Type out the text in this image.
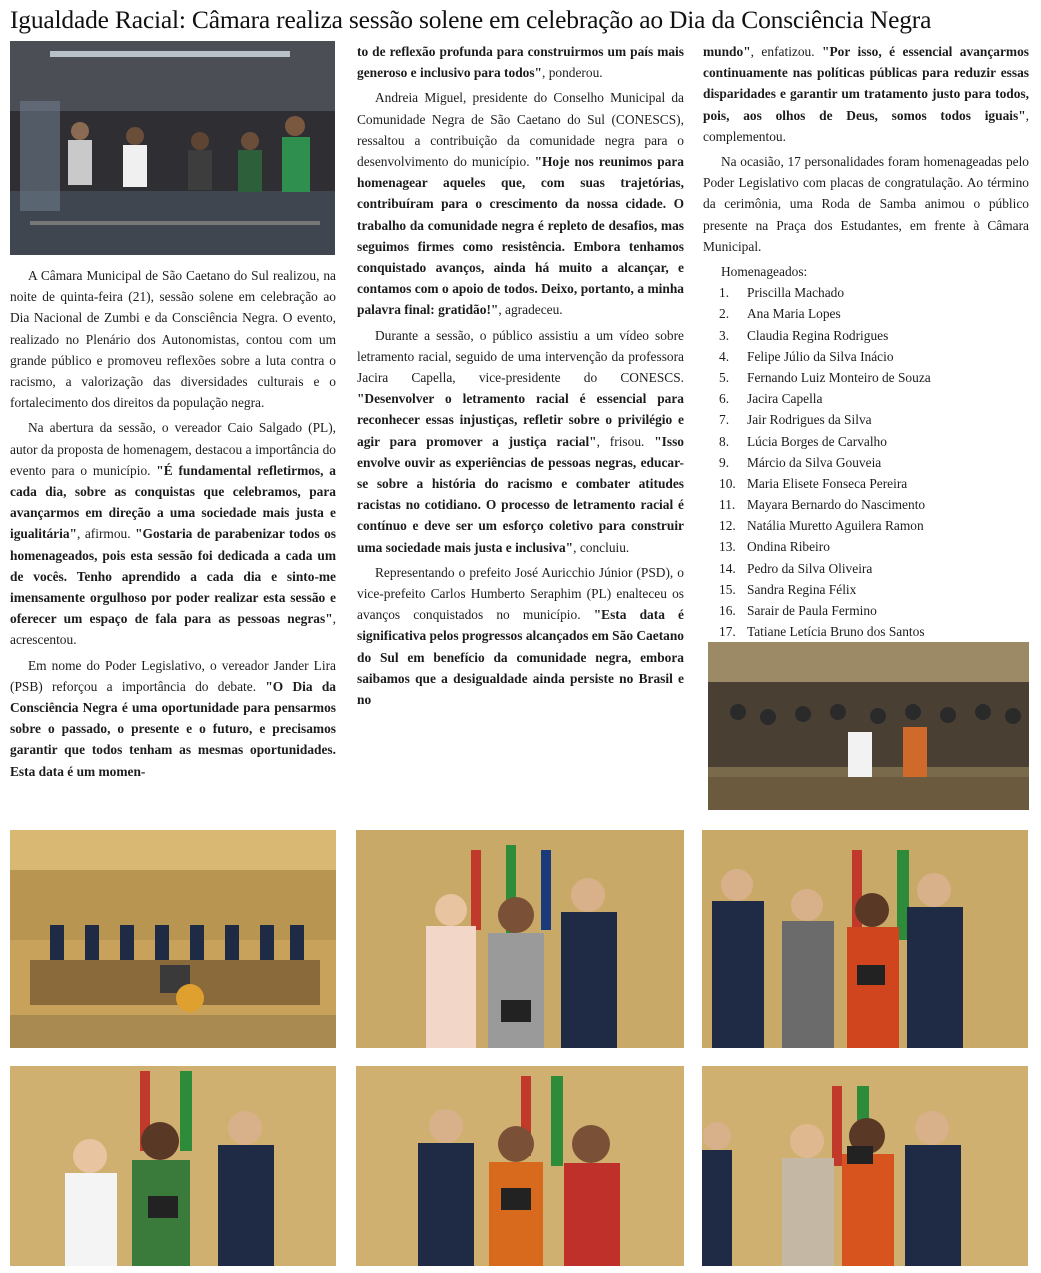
Igualdade Racial: Câmara realiza sessão solene em celebração ao Dia da Consciência Negra

A Câmara Municipal de São Caetano do Sul realizou, na noite de quinta-feira (21), sessão solene em celebração ao Dia Nacional de Zumbi e da Consciência Negra. O evento, realizado no Plenário dos Autonomistas, contou com um grande público e promoveu reflexões sobre a luta contra o racismo, a valorização das diversidades culturais e o fortalecimento dos direitos da população negra.

Na abertura da sessão, o vereador Caio Salgado (PL), autor da proposta de homenagem, destacou a importância do evento para o município. "É fundamental refletirmos, a cada dia, sobre as conquistas que celebramos, para avançarmos em direção a uma sociedade mais justa e igualitária", afirmou. "Gostaria de parabenizar todos os homenageados, pois esta sessão foi dedicada a cada um de vocês. Tenho aprendido a cada dia e sinto-me imensamente orgulhoso por poder realizar esta sessão e oferecer um espaço de fala para as pessoas negras", acrescentou.

Em nome do Poder Legislativo, o vereador Jander Lira (PSB) reforçou a importância do debate. "O Dia da Consciência Negra é uma oportunidade para pensarmos sobre o passado, o presente e o futuro, e precisamos garantir que todos tenham as mesmas oportunidades. Esta data é um momen-

to de reflexão profunda para construirmos um país mais generoso e inclusivo para todos", ponderou.

Andreia Miguel, presidente do Conselho Municipal da Comunidade Negra de São Caetano do Sul (CONESCS), ressaltou a contribuição da comunidade negra para o desenvolvimento do município. "Hoje nos reunimos para homenagear aqueles que, com suas trajetórias, contribuíram para o crescimento da nossa cidade. O trabalho da comunidade negra é repleto de desafios, mas seguimos firmes como resistência. Embora tenhamos conquistado avanços, ainda há muito a alcançar, e contamos com o apoio de todos. Deixo, portanto, a minha palavra final: gratidão!", agradeceu.

Durante a sessão, o público assistiu a um vídeo sobre letramento racial, seguido de uma intervenção da professora Jacira Capella, vice-presidente do CONESCS. "Desenvolver o letramento racial é essencial para reconhecer essas injustiças, refletir sobre o privilégio e agir para promover a justiça racial", frisou. "Isso envolve ouvir as experiências de pessoas negras, educar-se sobre a história do racismo e combater atitudes racistas no cotidiano. O processo de letramento racial é contínuo e deve ser um esforço coletivo para construir uma sociedade mais justa e inclusiva", concluiu.

Representando o prefeito José Auricchio Júnior (PSD), o vice-prefeito Carlos Humberto Seraphim (PL) enalteceu os avanços conquistados no município. "Esta data é significativa pelos progressos alcançados em São Caetano do Sul em benefício da comunidade negra, embora saibamos que a desigualdade ainda persiste no Brasil e no

mundo", enfatizou. "Por isso, é essencial avançarmos continuamente nas políticas públicas para reduzir essas disparidades e garantir um tratamento justo para todos, pois, aos olhos de Deus, somos todos iguais", complementou.

Na ocasião, 17 personalidades foram homenageadas pelo Poder Legislativo com placas de congratulação. Ao término da cerimônia, uma Roda de Samba animou o público presente na Praça dos Estudantes, em frente à Câmara Municipal.

Homenageados:

1.	Priscilla Machado
2.	Ana Maria Lopes
3.	Claudia Regina Rodrigues
4.	Felipe Júlio da Silva Inácio
5.	Fernando Luiz Monteiro de Souza
6.	Jacira Capella
7.	Jair Rodrigues da Silva
8.	Lúcia Borges de Carvalho
9.	Márcio da Silva Gouveia
10. Maria Elisete Fonseca Pereira
11. Mayara Bernardo do Nascimento
12. Natália Muretto Aguilera Ramon
13. Ondina Ribeiro
14. Pedro da Silva Oliveira
15. Sandra Regina Félix
16. Sarair de Paula Fermino
17. Tatiane Letícia Bruno dos Santos
